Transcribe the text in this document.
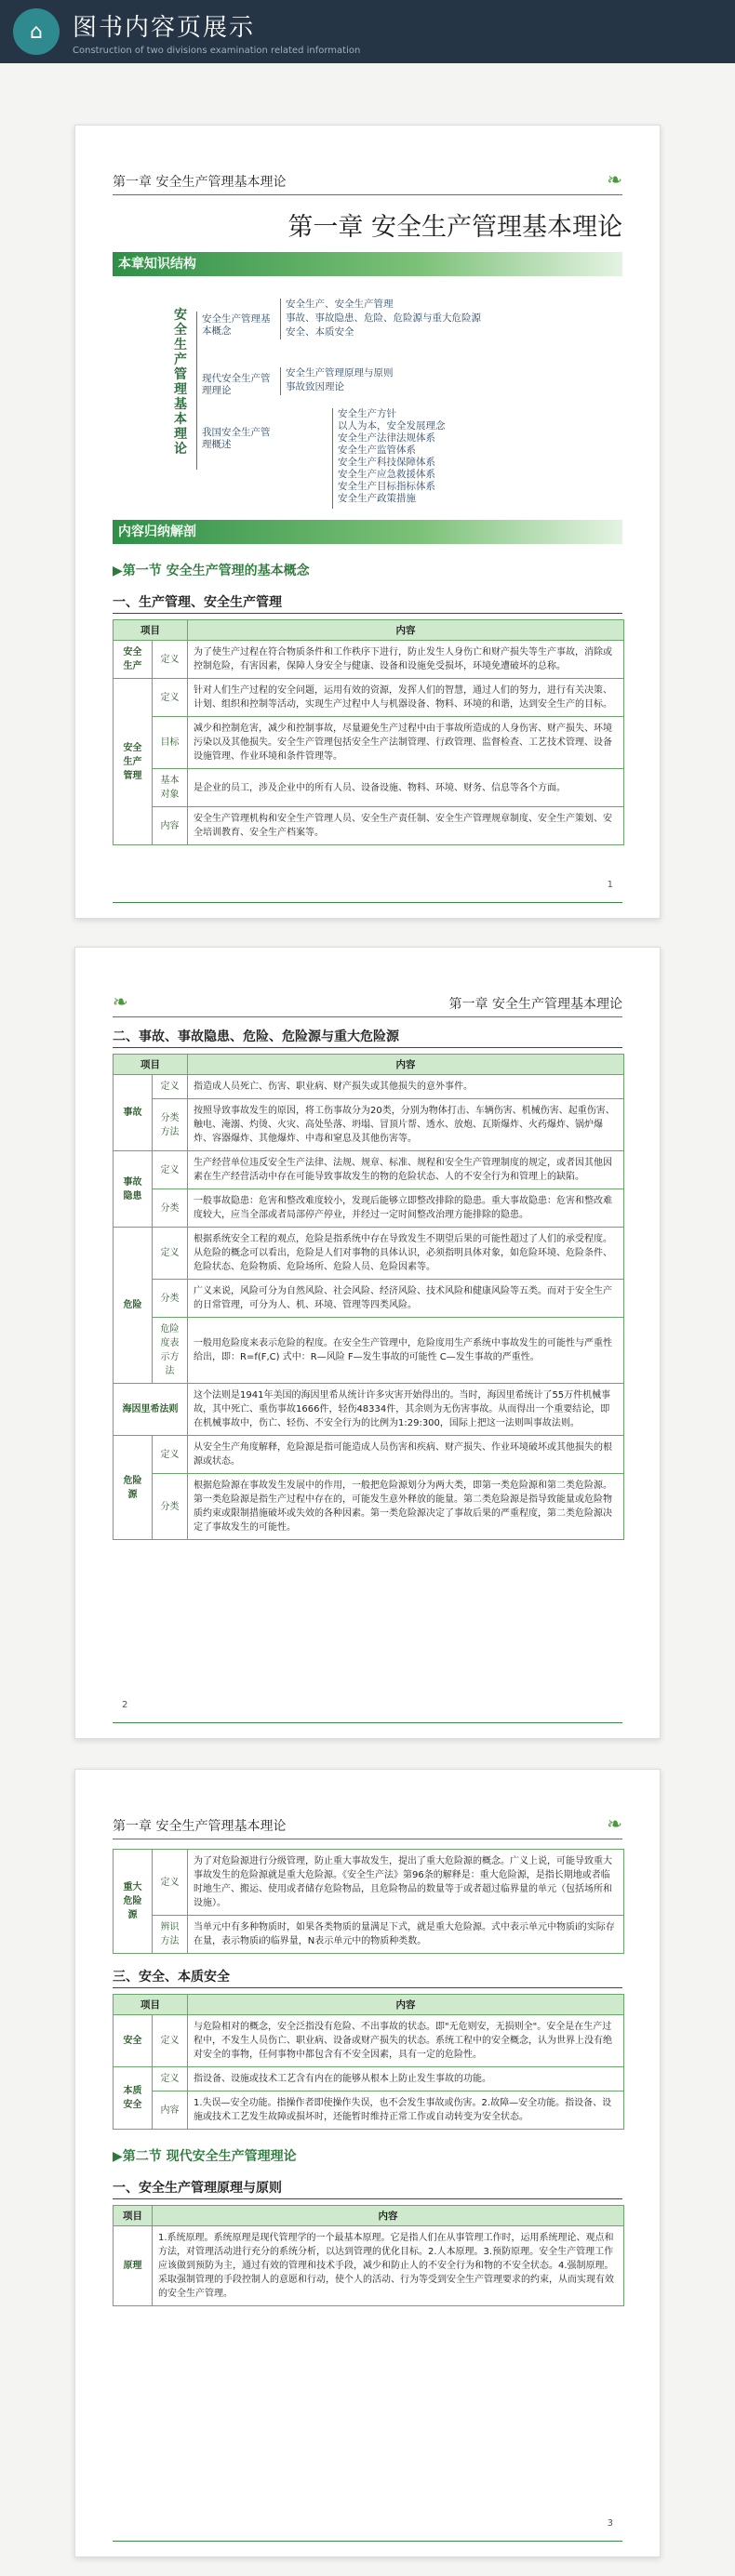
⌂	图书内容页展示
Construction of two divisions examination related information
第一章 安全生产管理基本理论	❧
第一章 安全生产管理基本理论
本章知识结构
安全生产管理基本理论
安全生产管理基本概念
现代安全生产管理理论
我国安全生产管理概述
安全生产、安全生产管理
事故、事故隐患、危险、危险源与重大危险源
安全、本质安全
安全生产管理原理与原则
事故致因理论
安全生产方针
以人为本，安全发展理念
安全生产法律法规体系
安全生产监管体系
安全生产科技保障体系
安全生产应急救援体系
安全生产目标指标体系
安全生产政策措施
内容归纳解剖
▶第一节 安全生产管理的基本概念
一、生产管理、安全生产管理
项目		内容
安全生产	定义	为了使生产过程在符合物质条件和工作秩序下进行，防止发生人身伤亡和财产损失等生产事故，消除或控制危险，有害因素，保障人身安全与健康、设备和设施免受损坏，环境免遭破坏的总称。
安全生产管理	定义	针对人们生产过程的安全问题，运用有效的资源，发挥人们的智慧，通过人们的努力，进行有关决策、计划、组织和控制等活动，实现生产过程中人与机器设备、物料、环境的和谐，达到安全生产的目标。
	目标	减少和控制危害，减少和控制事故，尽量避免生产过程中由于事故所造成的人身伤害、财产损失、环境污染以及其他损失。安全生产管理包括安全生产法制管理、行政管理、监督检查、工艺技术管理、设备设施管理、作业环境和条件管理等。
	基本对象	是企业的员工，涉及企业中的所有人员、设备设施、物料、环境、财务、信息等各个方面。
	内容	安全生产管理机构和安全生产管理人员、安全生产责任制、安全生产管理规章制度、安全生产策划、安全培训教育、安全生产档案等。
1
❧	第一章 安全生产管理基本理论
二、事故、事故隐患、危险、危险源与重大危险源
项目		内容
事故	定义	指造成人员死亡、伤害、职业病、财产损失或其他损失的意外事件。
	分类方法	按照导致事故发生的原因，将工伤事故分为20类，分别为物体打击、车辆伤害、机械伤害、起重伤害、触电、淹溺、灼烫、火灾、高处坠落、坍塌、冒顶片帮、透水、放炮、瓦斯爆炸、火药爆炸、锅炉爆炸、容器爆炸、其他爆炸、中毒和窒息及其他伤害等。
事故隐患	定义	生产经营单位违反安全生产法律、法规、规章、标准、规程和安全生产管理制度的规定，或者因其他因素在生产经营活动中存在可能导致事故发生的物的危险状态、人的不安全行为和管理上的缺陷。
	分类	一般事故隐患：危害和整改难度较小，发现后能够立即整改排除的隐患。重大事故隐患：危害和整改难度较大，应当全部或者局部停产停业，并经过一定时间整改治理方能排除的隐患。
危险	定义	根据系统安全工程的观点，危险是指系统中存在导致发生不期望后果的可能性超过了人们的承受程度。从危险的概念可以看出，危险是人们对事物的具体认识，必须指明具体对象，如危险环境、危险条件、危险状态、危险物质、危险场所、危险人员、危险因素等。
	分类	广义来说，风险可分为自然风险、社会风险、经济风险、技术风险和健康风险等五类。而对于安全生产的日常管理，可分为人、机、环境、管理等四类风险。
	危险度表示方法	一般用危险度来表示危险的程度。在安全生产管理中，危险度用生产系统中事故发生的可能性与严重性给出，即：R=f(F,C) 式中：R—风险 F—发生事故的可能性 C—发生事故的严重性。
海因里希法则		这个法则是1941年美国的海因里希从统计许多灾害开始得出的。当时，海因里希统计了55万件机械事故，其中死亡、重伤事故1666件，轻伤48334件，其余则为无伤害事故。从而得出一个重要结论，即在机械事故中，伤亡、轻伤、不安全行为的比例为1:29:300，国际上把这一法则叫事故法则。
危险源	定义	从安全生产角度解释，危险源是指可能造成人员伤害和疾病、财产损失、作业环境破坏或其他损失的根源或状态。
	分类	根据危险源在事故发生发展中的作用，一般把危险源划分为两大类，即第一类危险源和第二类危险源。第一类危险源是指生产过程中存在的，可能发生意外释放的能量。第二类危险源是指导致能量或危险物质约束或限制措施破坏或失效的各种因素。第一类危险源决定了事故后果的严重程度，第二类危险源决定了事故发生的可能性。
2
第一章 安全生产管理基本理论	❧
重大危险源	定义	为了对危险源进行分级管理，防止重大事故发生，提出了重大危险源的概念。广义上说，可能导致重大事故发生的危险源就是重大危险源。《安全生产法》第96条的解释是：重大危险源，是指长期地或者临时地生产、搬运、使用或者储存危险物品，且危险物品的数量等于或者超过临界量的单元（包括场所和设施）。
	辨识方法	当单元中有多种物质时，如果各类物质的量满足下式，就是重大危险源。式中表示单元中物质i的实际存在量，表示物质i的临界量，N表示单元中的物质种类数。
三、安全、本质安全
项目		内容
安全	定义	与危险相对的概念，安全泛指没有危险、不出事故的状态。即"无危则安，无损则全"。安全是在生产过程中，不发生人员伤亡、职业病、设备或财产损失的状态。系统工程中的安全概念，认为世界上没有绝对安全的事物，任何事物中都包含有不安全因素，具有一定的危险性。
本质安全	定义	指设备、设施或技术工艺含有内在的能够从根本上防止发生事故的功能。
	内容	1.失误—安全功能。指操作者即使操作失误，也不会发生事故或伤害。2.故障—安全功能。指设备、设施或技术工艺发生故障或损坏时，还能暂时维持正常工作或自动转变为安全状态。
▶第二节 现代安全生产管理理论
一、安全生产管理原理与原则
项目	内容
原理	1.系统原理。系统原理是现代管理学的一个最基本原理。它是指人们在从事管理工作时，运用系统理论、观点和方法，对管理活动进行充分的系统分析，以达到管理的优化目标。2.人本原理。3.预防原理。安全生产管理工作应该做到预防为主，通过有效的管理和技术手段，减少和防止人的不安全行为和物的不安全状态。4.强制原理。采取强制管理的手段控制人的意愿和行动，使个人的活动、行为等受到安全生产管理要求的约束，从而实现有效的安全生产管理。
3
